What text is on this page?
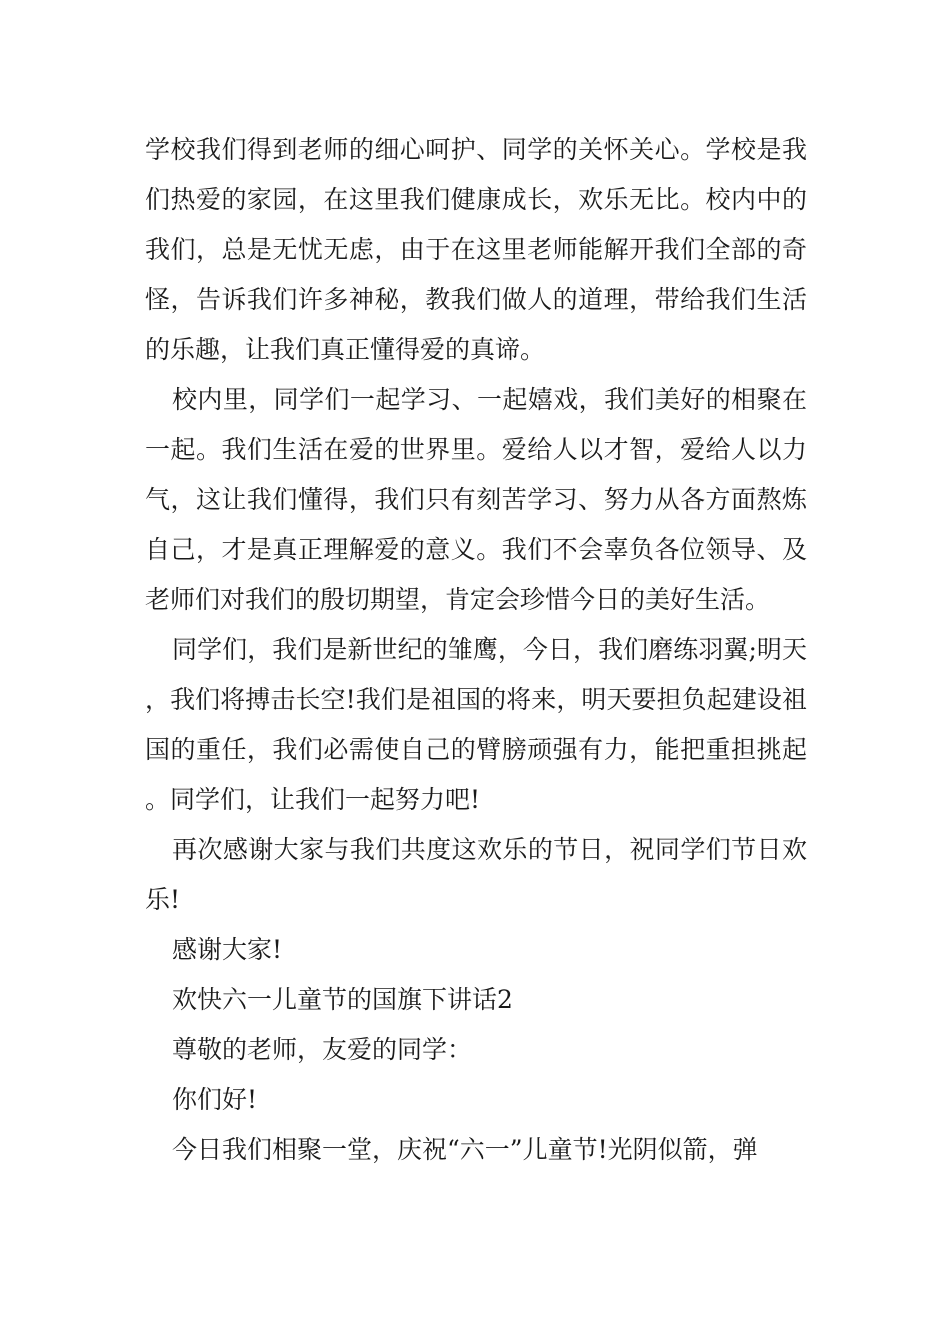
学校我们得到老师的细心呵护、同学的关怀关心。学校是我们热爱的家园，在这里我们健康成长，欢乐无比。校内中的我们，总是无忧无虑，由于在这里老师能解开我们全部的奇怪，告诉我们许多神秘，教我们做人的道理，带给我们生活的乐趣，让我们真正懂得爱的真谛。

校内里，同学们一起学习、一起嬉戏，我们美好的相聚在一起。我们生活在爱的世界里。爱给人以才智，爱给人以力气，这让我们懂得，我们只有刻苦学习、努力从各方面熬炼自己，才是真正理解爱的意义。我们不会辜负各位领导、及老师们对我们的殷切期望，肯定会珍惜今日的美好生活。

同学们，我们是新世纪的雏鹰，今日，我们磨练羽翼;明天，我们将搏击长空!我们是祖国的将来，明天要担负起建设祖国的重任，我们必需使自己的臂膀顽强有力，能把重担挑起。同学们，让我们一起努力吧!

再次感谢大家与我们共度这欢乐的节日，祝同学们节日欢乐!

感谢大家!

欢快六一儿童节的国旗下讲话2

尊敬的老师，友爱的同学：

你们好!

今日我们相聚一堂，庆祝“六一”儿童节!光阴似箭，弹
